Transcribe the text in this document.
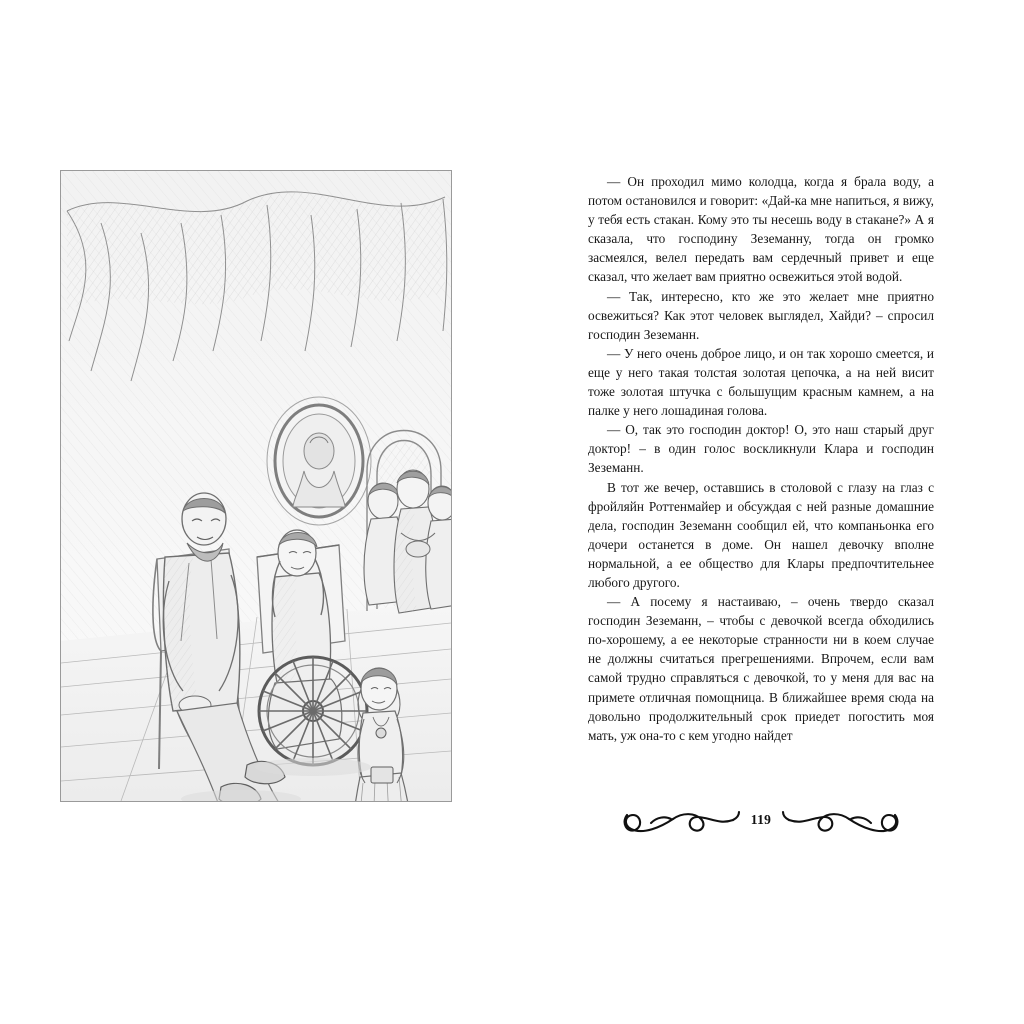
— Он проходил мимо колодца, когда я брала воду, а потом остановился и говорит: «Дай-ка мне напиться, я вижу, у тебя есть стакан. Кому это ты несешь воду в стакане?» А я сказала, что господину Зеземанну, тогда он громко засмеялся, велел передать вам сердечный привет и еще сказал, что желает вам приятно освежиться этой водой.

— Так, интересно, кто же это желает мне приятно освежиться? Как этот человек выглядел, Хайди? – спросил господин Зеземанн.

— У него очень доброе лицо, и он так хорошо смеется, и еще у него такая толстая золотая цепочка, а на ней висит тоже золотая штучка с большущим красным камнем, а на палке у него лошадиная голова.

— О, так это господин доктор! О, это наш старый друг доктор! – в один голос воскликнули Клара и господин Зеземанн.

В тот же вечер, оставшись в столовой с глазу на глаз с фройляйн Роттенмайер и обсуждая с ней разные домашние дела, господин Зеземанн сообщил ей, что компаньонка его дочери останется в доме. Он нашел девочку вполне нормальной, а ее общество для Клары предпочтительнее любого другого.

— А посему я настаиваю, – очень твердо сказал господин Зеземанн, – чтобы с девочкой всегда обходились по-хорошему, а ее некоторые странности ни в коем случае не должны считаться прегрешениями. Впрочем, если вам самой трудно справляться с девочкой, то у меня для вас на примете отличная помощница. В ближайшее время сюда на довольно продолжительный срок приедет погостить моя мать, уж она-то с кем угодно найдет

119
